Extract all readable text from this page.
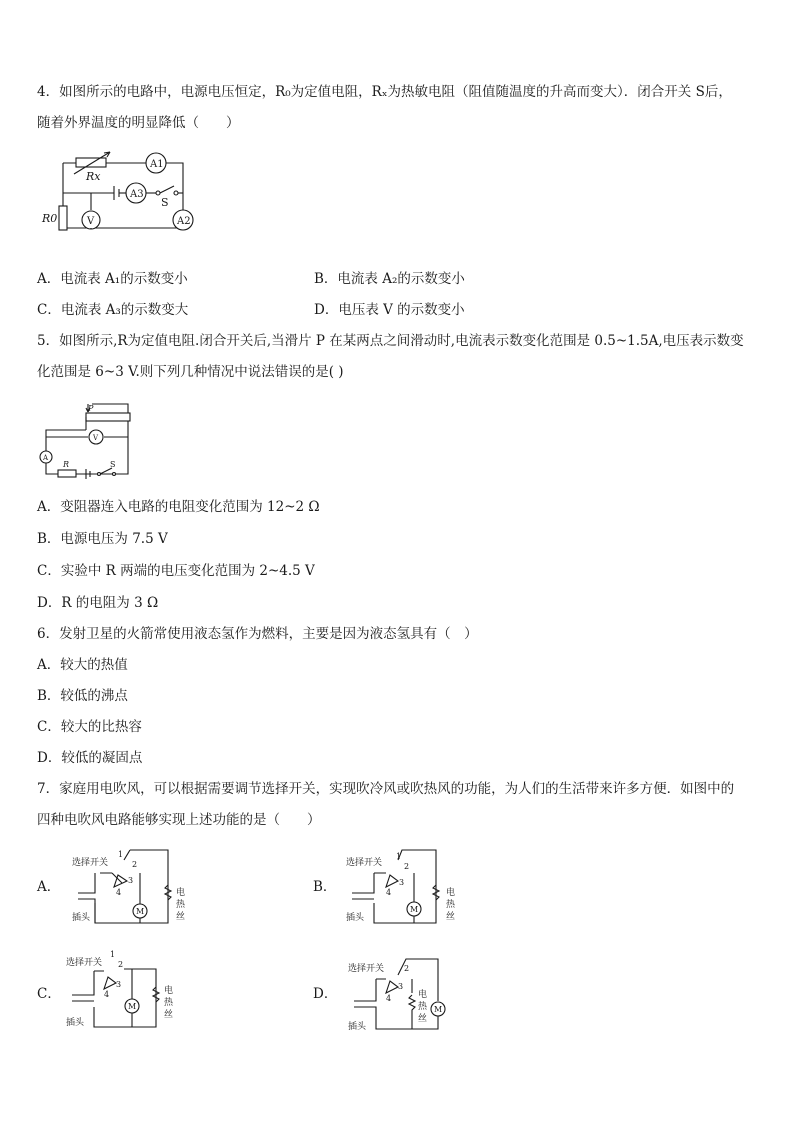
4．如图所示的电路中，电源电压恒定，R₀为定值电阻，Rₓ为热敏电阻（阻值随温度的升高而变大）．闭合开关 S后，
随着外界温度的明显降低（　　）
Rx
A1
A3
S
V
R0	A2
A．电流表 A₁的示数变小	B．电流表 A₂的示数变小
C．电流表 A₃的示数变大	D．电压表 V 的示数变小
5．如图所示,R为定值电阻.闭合开关后,当滑片 P 在某两点之间滑动时,电流表示数变化范围是 0.5~1.5A,电压表示数变
化范围是 6~3 V.则下列几种情况中说法错误的是( )
P
V
A
R	S
A．变阻器连入电路的电阻变化范围为 12~2 Ω
B．电源电压为 7.5 V
C．实验中 R 两端的电压变化范围为 2~4.5 V
D．R 的电阻为 3 Ω
6．发射卫星的火箭常使用液态氢作为燃料，主要是因为液态氢具有（　）
A．较大的热值
B．较低的沸点
C．较大的比热容
D．较低的凝固点
7．家庭用电吹风，可以根据需要调节选择开关，实现吹冷风或吹热风的功能，为人们的生活带来许多方便．如图中的
四种电吹风电路能够实现上述功能的是（　　）
A．
选择开关
1
2
3
4
M
电
热
丝
插头
B．
选择开关
1
2
3
4
M
电
热
丝
插头
C．
选择开关
1
2
3
4
M
电
热
丝
插头
D．
选择开关 2
3
4	电
热
丝
M
插头
